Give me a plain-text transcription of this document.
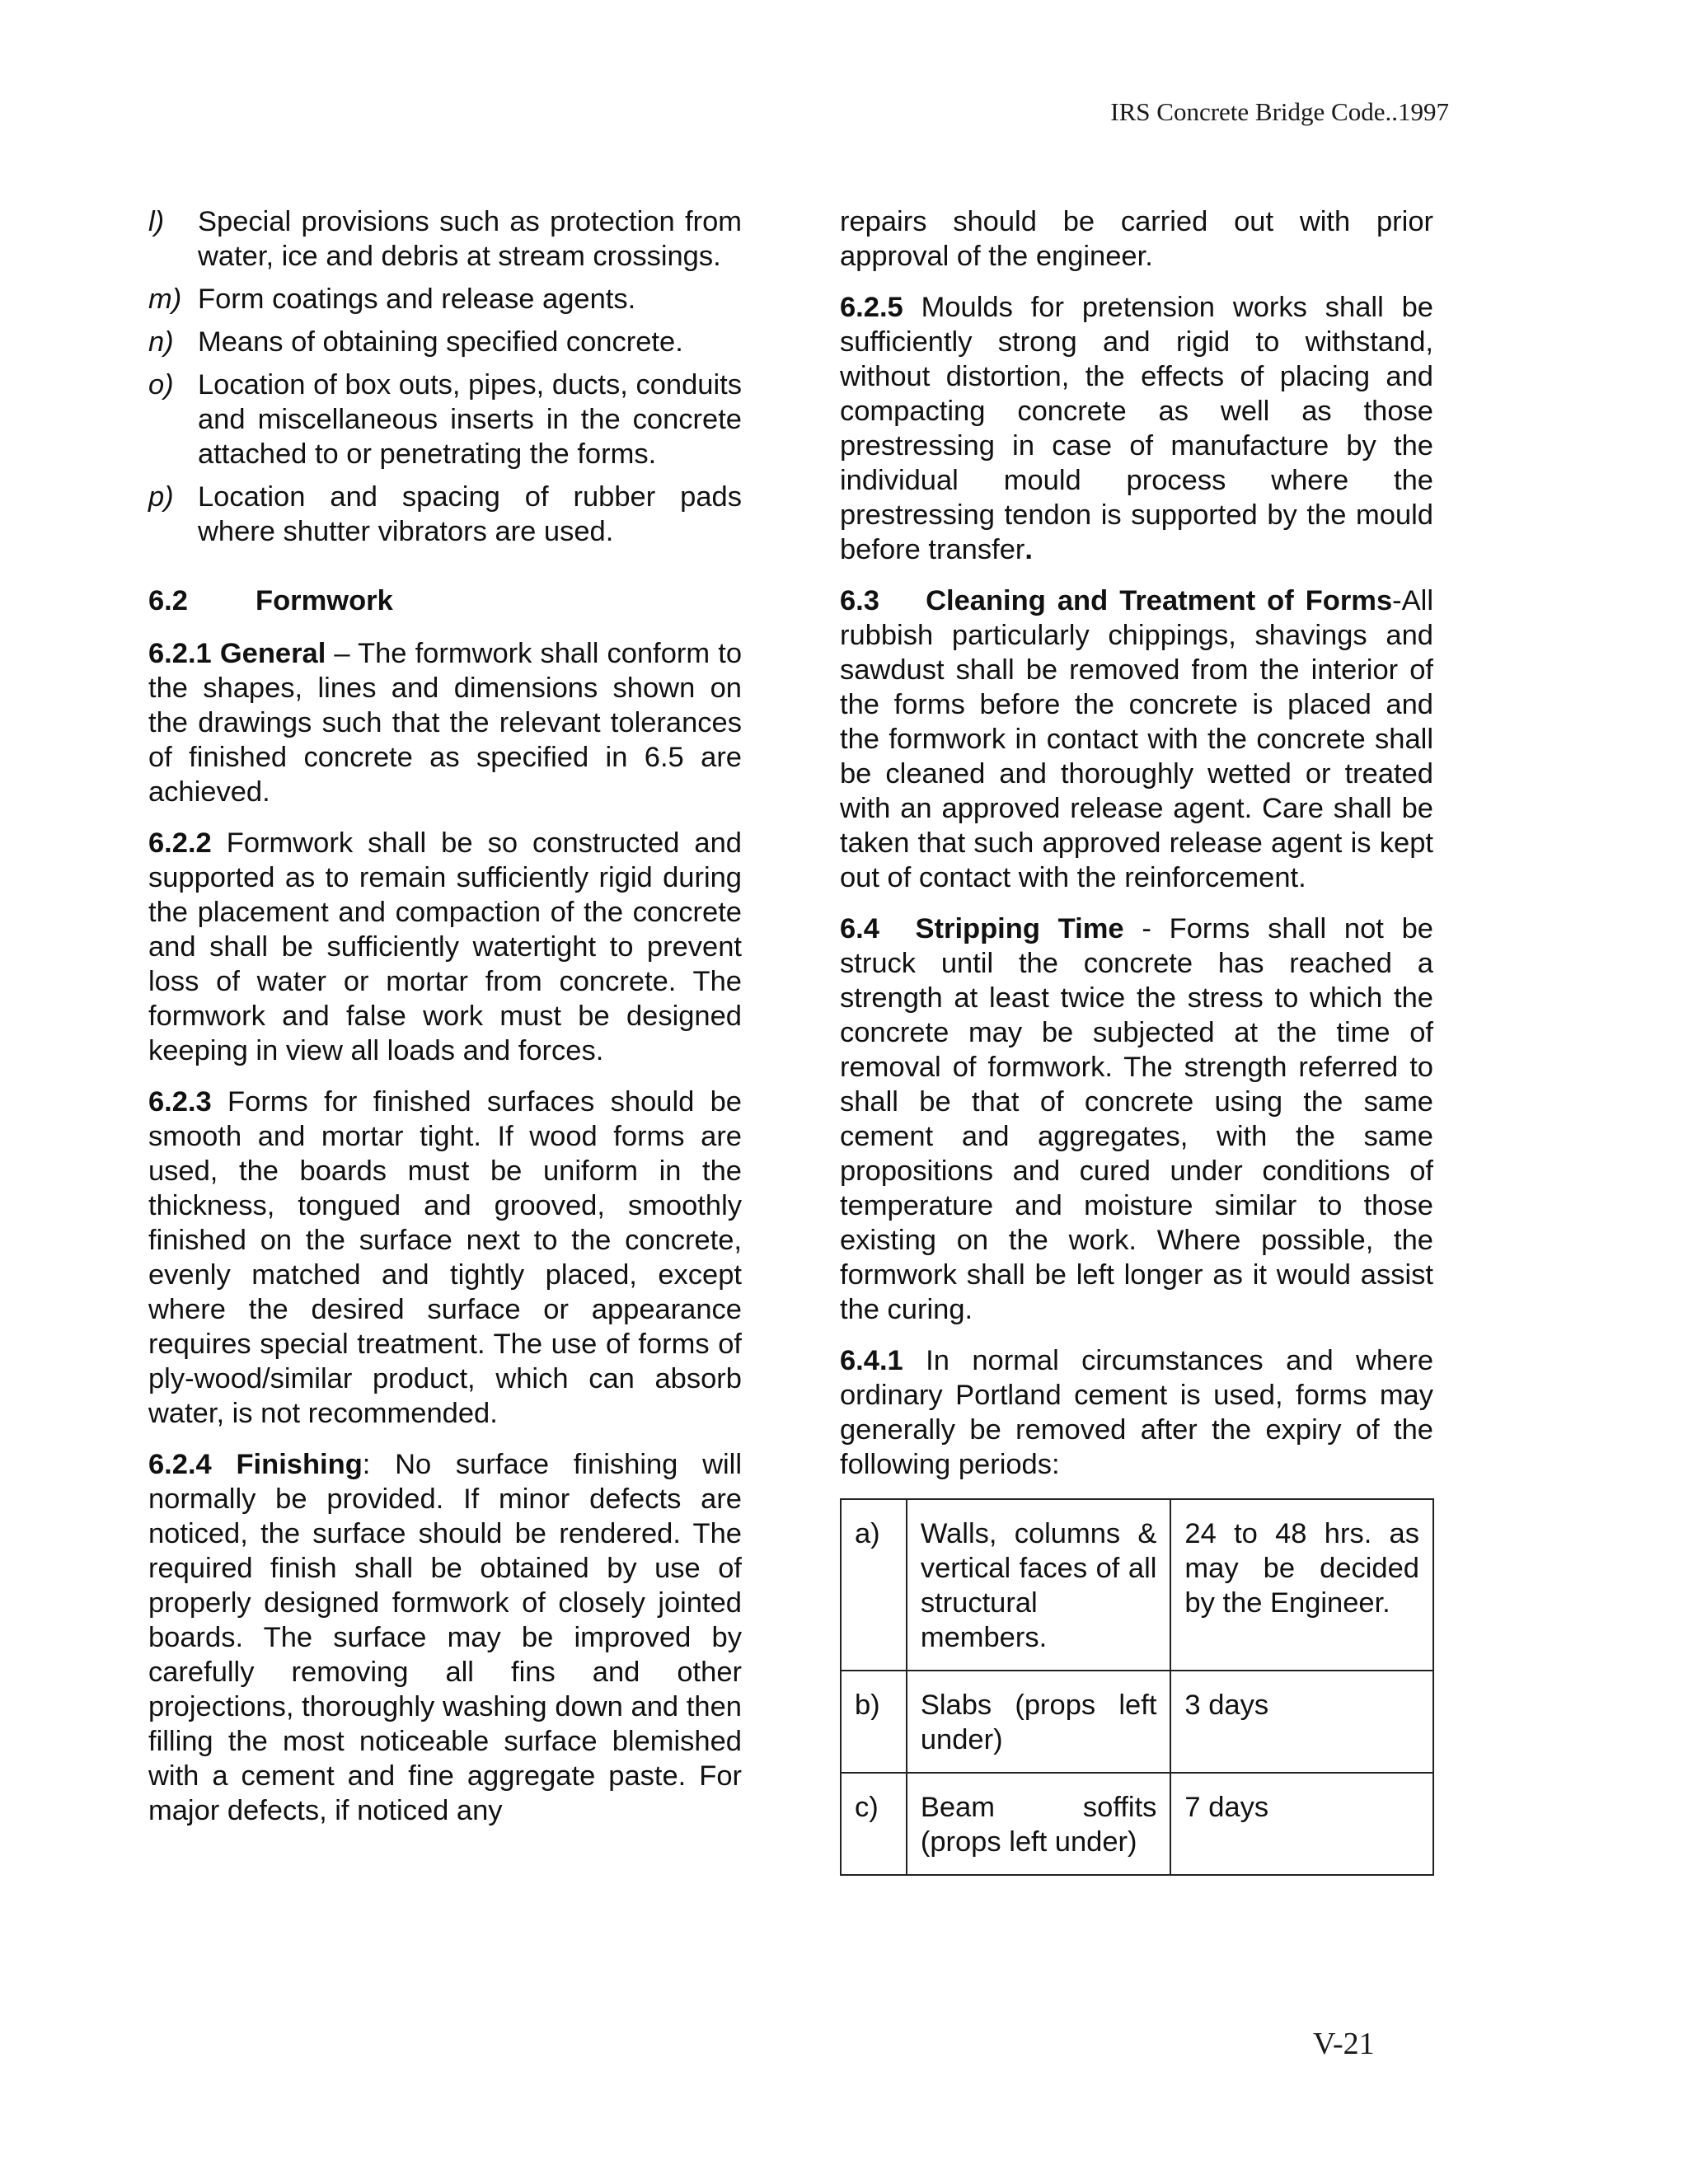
IRS Concrete Bridge Code..1997
l)	Special provisions such as protection from water, ice and debris at stream crossings.
m) Form coatings and release agents.
n) Means of obtaining specified concrete.
o) Location of box outs, pipes, ducts, conduits and miscellaneous inserts in the concrete attached to or penetrating the forms.
p) Location and spacing of rubber pads where shutter vibrators are used.
6.2	Formwork

6.2.1 General – The formwork shall conform to the shapes, lines and dimensions shown on the drawings such that the relevant tolerances of finished concrete as specified in 6.5 are achieved.

6.2.2 Formwork shall be so constructed and supported as to remain sufficiently rigid during the placement and compaction of the concrete and shall be sufficiently watertight to prevent loss of water or mortar from concrete. The formwork and false work must be designed keeping in view all loads and forces.

6.2.3 Forms for finished surfaces should be smooth and mortar tight. If wood forms are used, the boards must be uniform in the thickness, tongued and grooved, smoothly finished on the surface next to the concrete, evenly matched and tightly placed, except where the desired surface or appearance requires special treatment. The use of forms of ply-wood/similar product, which can absorb water, is not recommended.

6.2.4 Finishing: No surface finishing will normally be provided. If minor defects are noticed, the surface should be rendered. The required finish shall be obtained by use of properly designed formwork of closely jointed boards. The surface may be improved by carefully removing all fins and other projections, thoroughly washing down and then filling the most noticeable surface blemished with a cement and fine aggregate paste. For major defects, if noticed any

repairs should be carried out with prior approval of the engineer.

6.2.5 Moulds for pretension works shall be sufficiently strong and rigid to withstand, without distortion, the effects of placing and compacting concrete as well as those prestressing in case of manufacture by the individual mould process where the prestressing tendon is supported by the mould before transfer.

6.3 Cleaning and Treatment of Forms-All rubbish particularly chippings, shavings and sawdust shall be removed from the interior of the forms before the concrete is placed and the formwork in contact with the concrete shall be cleaned and thoroughly wetted or treated with an approved release agent. Care shall be taken that such approved release agent is kept out of contact with the reinforcement.

6.4 Stripping Time - Forms shall not be struck until the concrete has reached a strength at least twice the stress to which the concrete may be subjected at the time of removal of formwork. The strength referred to shall be that of concrete using the same cement and aggregates, with the same propositions and cured under conditions of temperature and moisture similar to those existing on the work. Where possible, the formwork shall be left longer as it would assist the curing.

6.4.1 In normal circumstances and where ordinary Portland cement is used, forms may generally be removed after the expiry of the following periods:

a)	Walls, columns & vertical faces of all structural members.	24 to 48 hrs. as may be decided by the Engineer.
b)	Slabs (props left under)	3 days
c)	Beam soffits (props left under)	7 days
V-21
